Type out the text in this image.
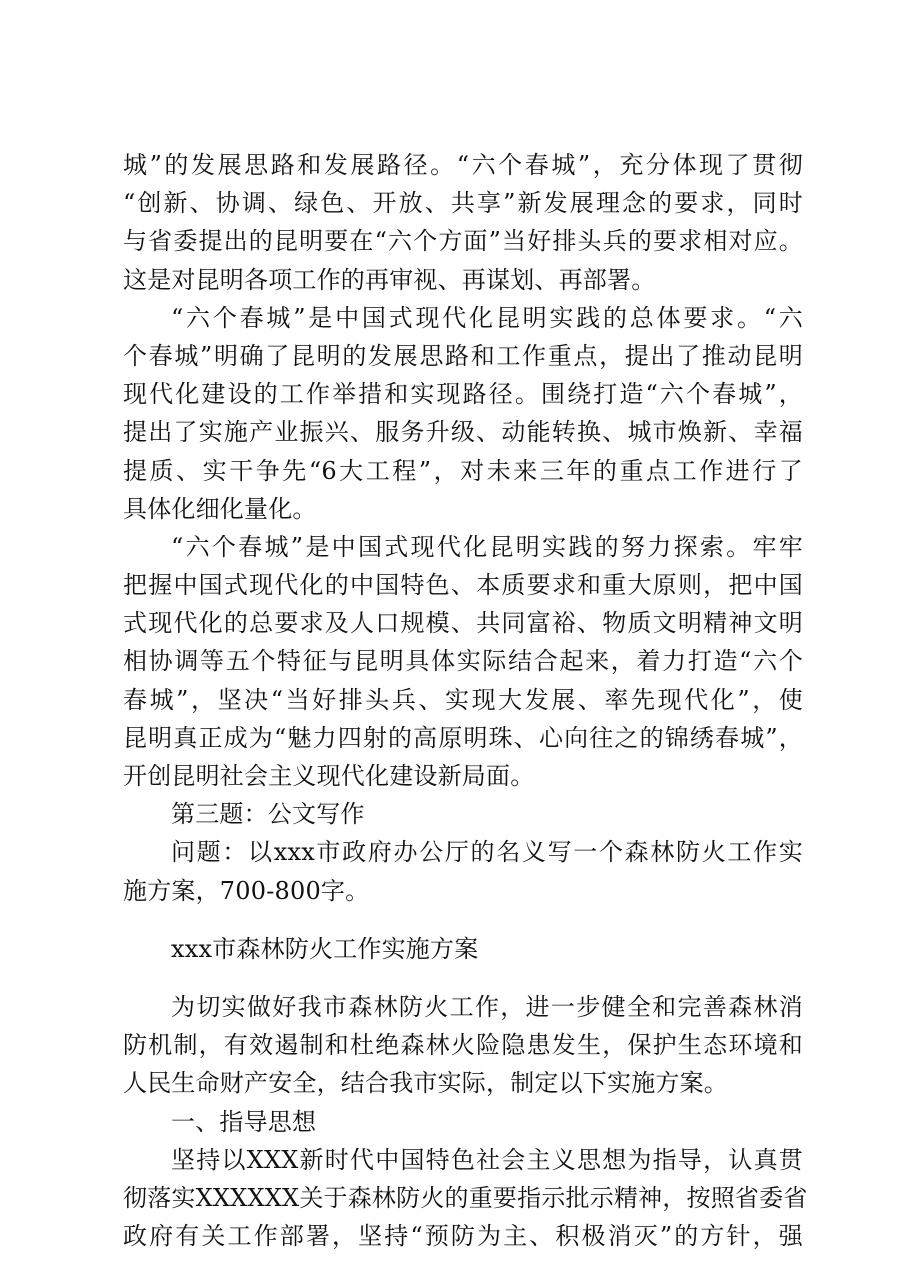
城”的发展思路和发展路径。“六个春城”，充分体现了贯彻
“创新、协调、绿色、开放、共享”新发展理念的要求，同时
与省委提出的昆明要在“六个方面”当好排头兵的要求相对应。
这是对昆明各项工作的再审视、再谋划、再部署。
“六个春城”是中国式现代化昆明实践的总体要求。“六
个春城”明确了昆明的发展思路和工作重点，提出了推动昆明
现代化建设的工作举措和实现路径。围绕打造“六个春城”，
提出了实施产业振兴、服务升级、动能转换、城市焕新、幸福
提质、实干争先“6大工程”，对未来三年的重点工作进行了
具体化细化量化。
“六个春城”是中国式现代化昆明实践的努力探索。牢牢
把握中国式现代化的中国特色、本质要求和重大原则，把中国
式现代化的总要求及人口规模、共同富裕、物质文明精神文明
相协调等五个特征与昆明具体实际结合起来，着力打造“六个
春城”，坚决“当好排头兵、实现大发展、率先现代化”，使
昆明真正成为“魅力四射的高原明珠、心向往之的锦绣春城”，
开创昆明社会主义现代化建设新局面。
第三题：公文写作
问题：以xxx市政府办公厅的名义写一个森林防火工作实
施方案，700-800字。
xxx市森林防火工作实施方案
为切实做好我市森林防火工作，进一步健全和完善森林消
防机制，有效遏制和杜绝森林火险隐患发生，保护生态环境和
人民生命财产安全，结合我市实际，制定以下实施方案。
一、指导思想
坚持以XXX新时代中国特色社会主义思想为指导，认真贯
彻落实XXXXXX关于森林防火的重要指示批示精神，按照省委省
政府有关工作部署，坚持“预防为主、积极消灭”的方针，强
